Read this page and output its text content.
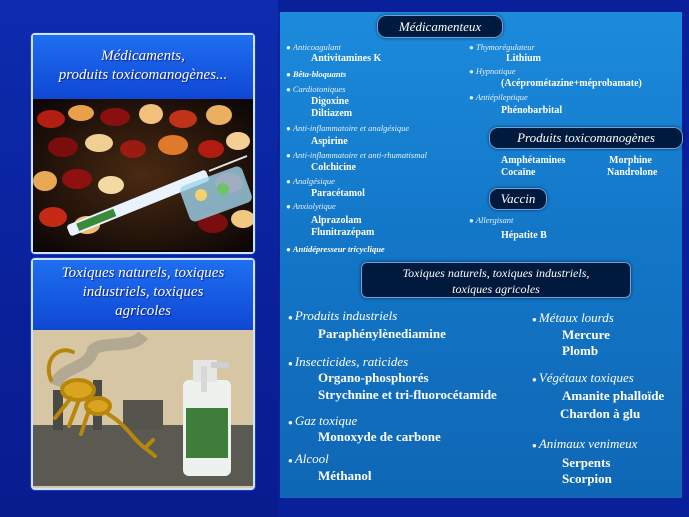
Médicaments,
produits toxicomanogènes...
Toxiques naturels, toxiques
industriels, toxiques
agricoles
Médicamenteux
● Anticoagulant
Antivitamines K
● Bêta-bloquants
● Cardiotoniques
Digoxine
Diltiazem
● Anti-inflammatoire et analgésique
Aspirine
● Anti-inflammatoire et anti-rhumatismal
Colchicine
● Analgésique
Paracétamol
● Anxiolytique
Alprazolam
Flunitrazépam
● Antidépresseur tricyclique
● Thymorégulateur
Lithium
● Hypnotique
(Acéprométazine+méprobamate)
● Antiépileptique
Phénobarbital
Produits toxicomanogènes
Amphétamines
Cocaïne
Morphine
Nandrolone
Vaccin
● Allergisant
Hépatite B
Toxiques naturels, toxiques industriels,
toxiques agricoles
● Produits industriels
Paraphénylènediamine
● Insecticides, raticides
Organo-phosphorés
Strychnine et tri-fluorocétamide
● Gaz toxique
Monoxyde de carbone
● Alcool
Méthanol
● Métaux lourds
Mercure
Plomb
● Végétaux toxiques
Amanite phalloïde
Chardon à glu
● Animaux venimeux
Serpents
Scorpion
